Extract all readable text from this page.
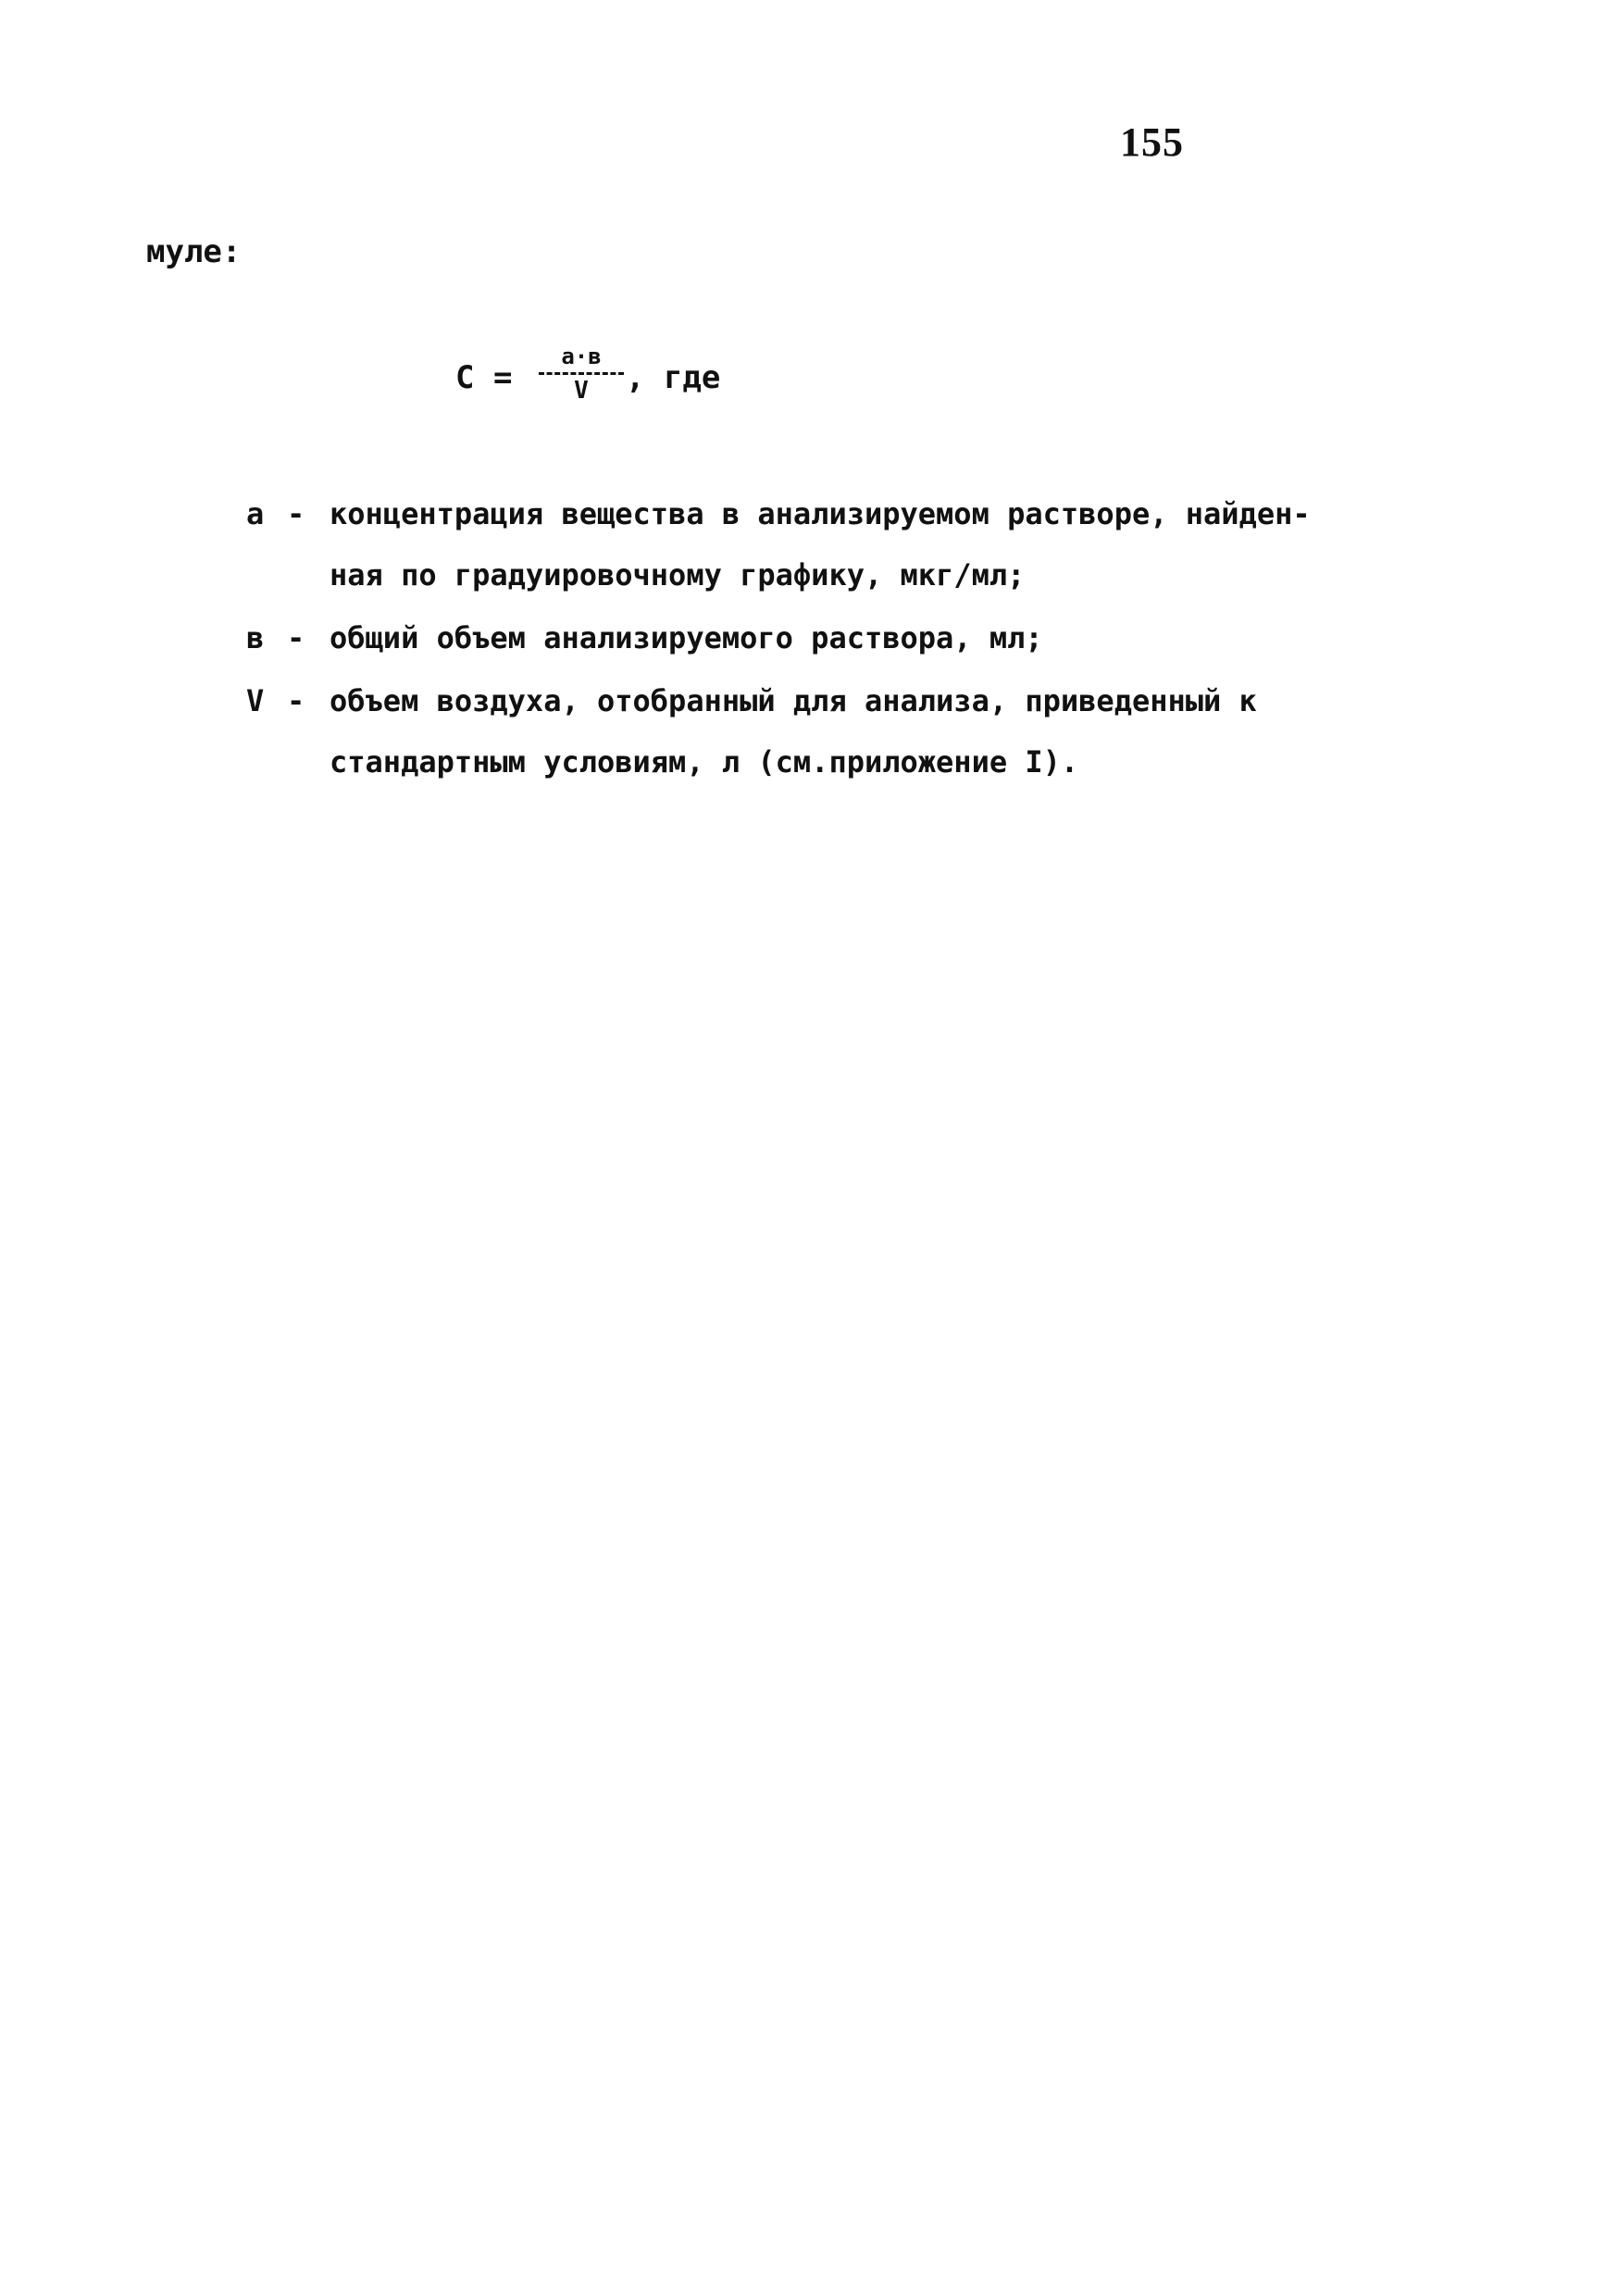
155
муле:
С =
а·в
V	, где
а - концентрация вещества в анализируемом растворе, найден-
ная по градуировочному графику, мкг/мл;
в - общий объем анализируемого раствора, мл;
V - объем воздуха, отобранный для анализа, приведенный к
стандартным условиям, л (см.приложение I).
